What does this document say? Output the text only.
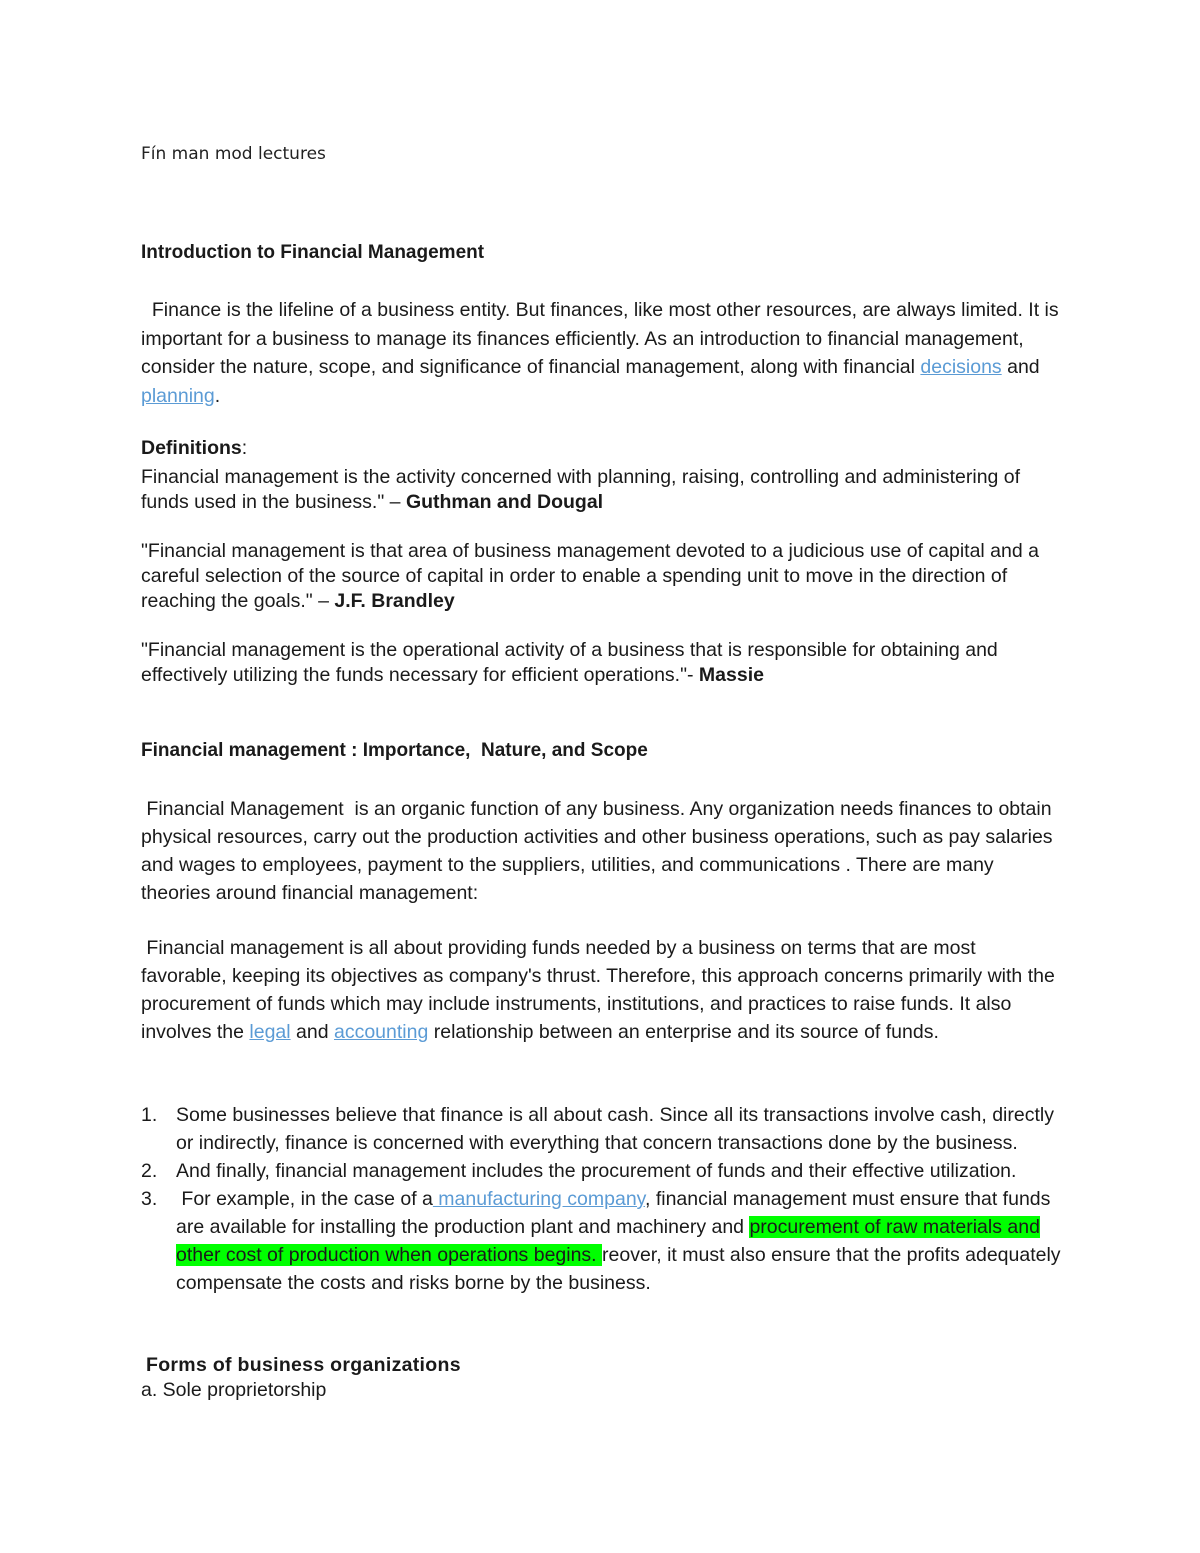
Fín man mod lectures
Introduction to Financial Management

Finance is the lifeline of a business entity. But finances, like most other resources, are always limited. It is important for a business to manage its finances efficiently. As an introduction to financial management, consider the nature, scope, and significance of financial management, along with financial decisions and planning.

Definitions:

Financial management is the activity concerned with planning, raising, controlling and administering of funds used in the business." – Guthman and Dougal

"Financial management is that area of business management devoted to a judicious use of capital and a careful selection of the source of capital in order to enable a spending unit to move in the direction of reaching the goals." – J.F. Brandley

"Financial management is the operational activity of a business that is responsible for obtaining and effectively utilizing the funds necessary for efficient operations."- Massie

Financial management : Importance,  Nature, and Scope

Financial Management  is an organic function of any business. Any organization needs finances to obtain physical resources, carry out the production activities and other business operations, such as pay salaries and wages to employees, payment to the suppliers, utilities, and communications . There are many theories around financial management:

Financial management is all about providing funds needed by a business on terms that are most favorable, keeping its objectives as company's thrust. Therefore, this approach concerns primarily with the procurement of funds which may include instruments, institutions, and practices to raise funds. It also involves the legal and accounting relationship between an enterprise and its source of funds.

1. Some businesses believe that finance is all about cash. Since all its transactions involve cash, directly or indirectly, finance is concerned with everything that concern transactions done by the business.
2. And finally, financial management includes the procurement of funds and their effective utilization.
3. For example, in the case of a manufacturing company, financial management must ensure that funds are available for installing the production plant and machinery and procurement of raw materials and other cost of production when operations begins. reover, it must also ensure that the profits adequately compensate the costs and risks borne by the business.
Forms of business organizations
a. Sole proprietorship
